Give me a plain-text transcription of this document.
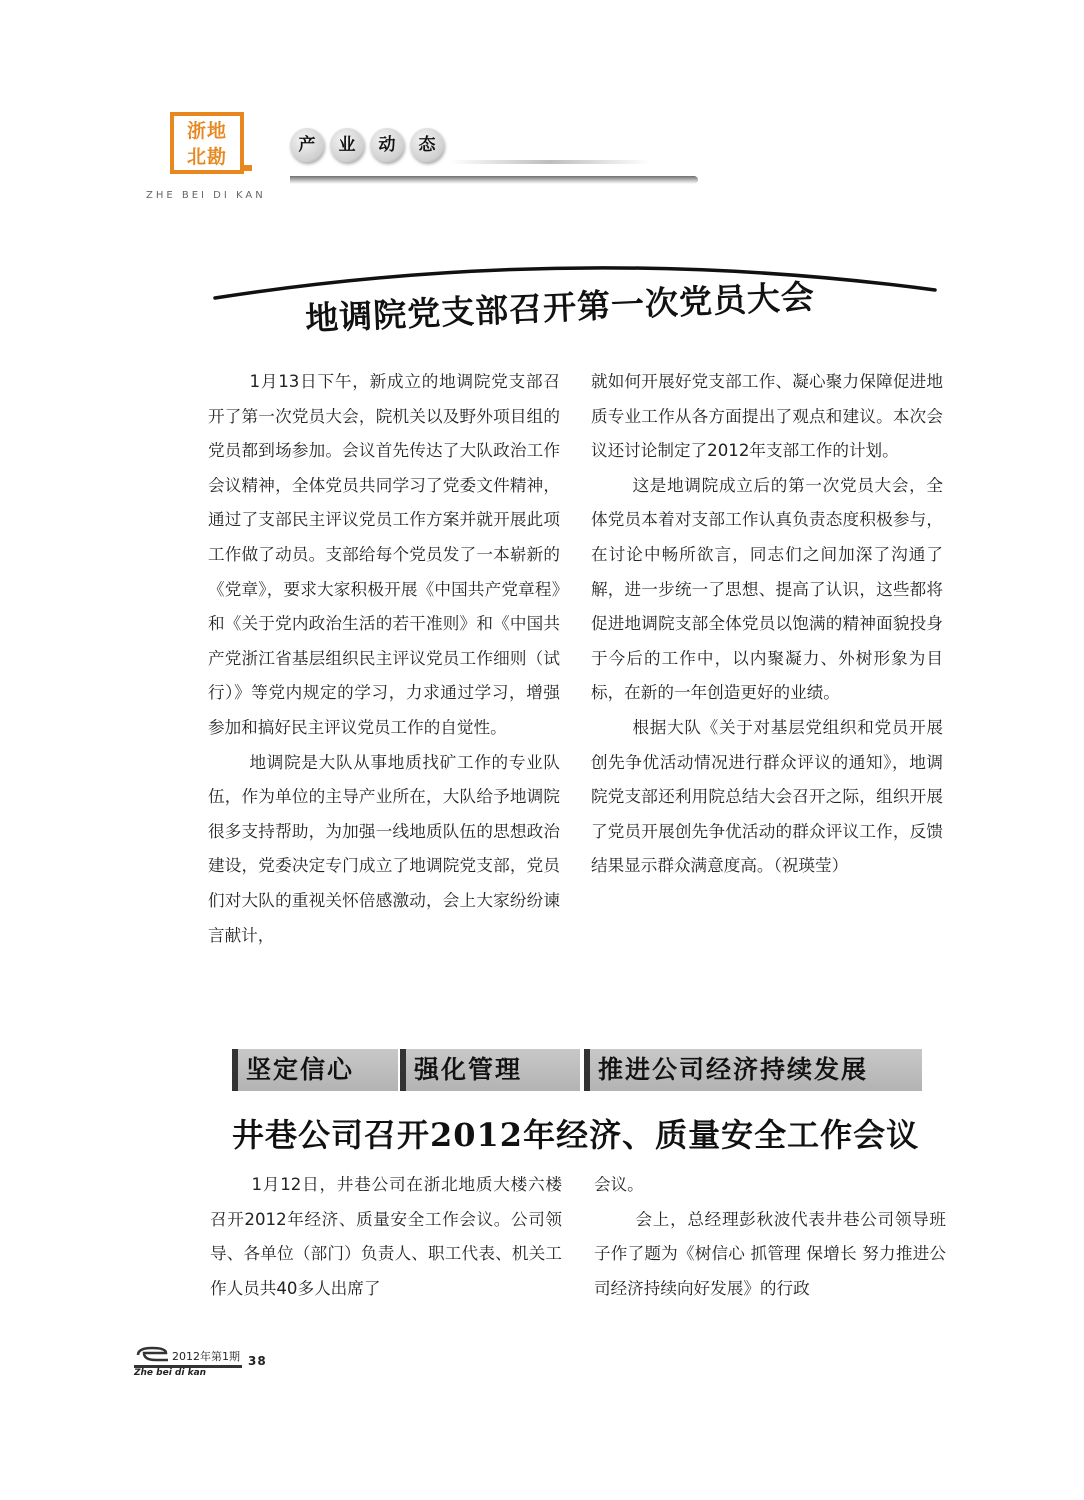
浙地
北勘
ZHE BEI DI KAN
产	业	动	态
地调院党支部召开第一次党员大会

1月13日下午，新成立的地调院党支部召开了第一次党员大会，院机关以及野外项目组的党员都到场参加。会议首先传达了大队政治工作会议精神，全体党员共同学习了党委文件精神，通过了支部民主评议党员工作方案并就开展此项工作做了动员。支部给每个党员发了一本崭新的《党章》，要求大家积极开展《中国共产党章程》和《关于党内政治生活的若干准则》和《中国共产党浙江省基层组织民主评议党员工作细则（试行）》等党内规定的学习，力求通过学习，增强参加和搞好民主评议党员工作的自觉性。

地调院是大队从事地质找矿工作的专业队伍，作为单位的主导产业所在，大队给予地调院很多支持帮助，为加强一线地质队伍的思想政治建设，党委决定专门成立了地调院党支部，党员们对大队的重视关怀倍感激动，会上大家纷纷谏言献计，

就如何开展好党支部工作、凝心聚力保障促进地质专业工作从各方面提出了观点和建议。本次会议还讨论制定了2012年支部工作的计划。

这是地调院成立后的第一次党员大会，全体党员本着对支部工作认真负责态度积极参与，在讨论中畅所欲言，同志们之间加深了沟通了解，进一步统一了思想、提高了认识，这些都将促进地调院支部全体党员以饱满的精神面貌投身于今后的工作中，以内聚凝力、外树形象为目标，在新的一年创造更好的业绩。

根据大队《关于对基层党组织和党员开展创先争优活动情况进行群众评议的通知》，地调院党支部还利用院总结大会召开之际，组织开展了党员开展创先争优活动的群众评议工作，反馈结果显示群众满意度高。（祝瑛莹）

坚定信心	强化管理	推进公司经济持续发展
井巷公司召开2012年经济、质量安全工作会议

1月12日，井巷公司在浙北地质大楼六楼召开2012年经济、质量安全工作会议。公司领导、各单位（部门）负责人、职工代表、机关工作人员共40多人出席了

会议。

会上，总经理彭秋波代表井巷公司领导班子作了题为《树信心 抓管理 保增长 努力推进公司经济持续向好发展》的行政

2012年第1期 38
Zhe bei di kan
